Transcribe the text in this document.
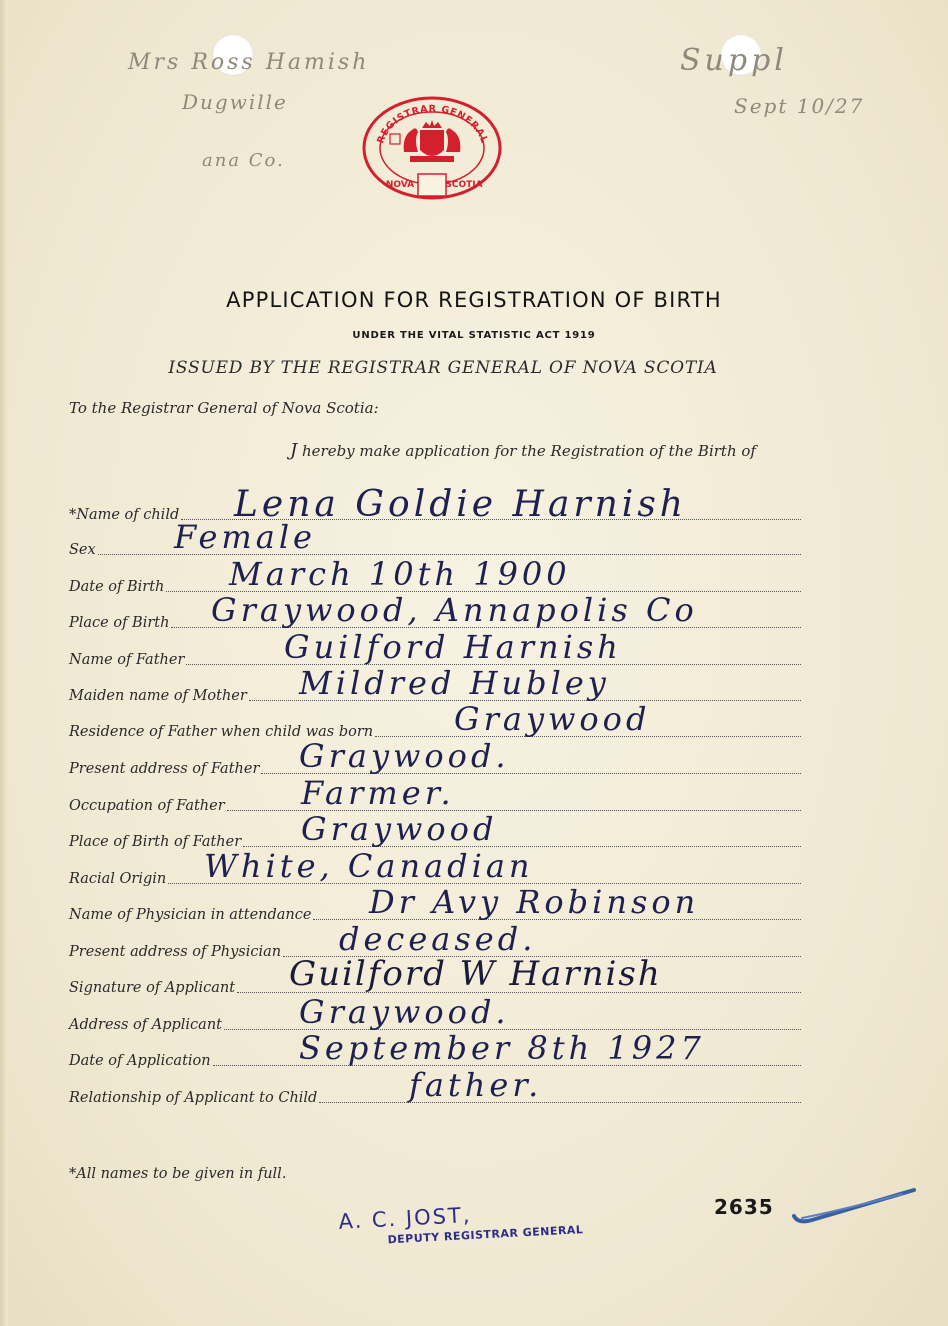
Mrs Ross Hamish
Dugwille
ana Co.
Suppl
Sept 10/27
REGISTRAR GENERAL
NOVA	SCOTIA
APPLICATION FOR REGISTRATION OF BIRTH
UNDER THE VITAL STATISTIC ACT 1919
ISSUED BY THE REGISTRAR GENERAL OF NOVA SCOTIA
To the Registrar General of Nova Scotia:
J hereby make application for the Registration of the Birth of
*Name of child Lena Goldie Harnish
Sex Female
Date of Birth March 10th 1900
Place of Birth Graywood, Annapolis Co
Name of Father	Guilford Harnish
Maiden name of Mother Mildred Hubley
Residence of Father when child was born	Graywood
Present address of Father Graywood.
Occupation of Father Farmer.
Place of Birth of Father Graywood
Racial Origin White, Canadian
Name of Physician in attendance Dr Avy Robinson
Present address of Physician deceased.
Signature of Applicant Guilford W Harnish
Address of Applicant Graywood.
Date of Application	September 8th 1927
Relationship of Applicant to Child	father.
*All names to be given in full.
2635
A. C. JOST,
DEPUTY REGISTRAR GENERAL
